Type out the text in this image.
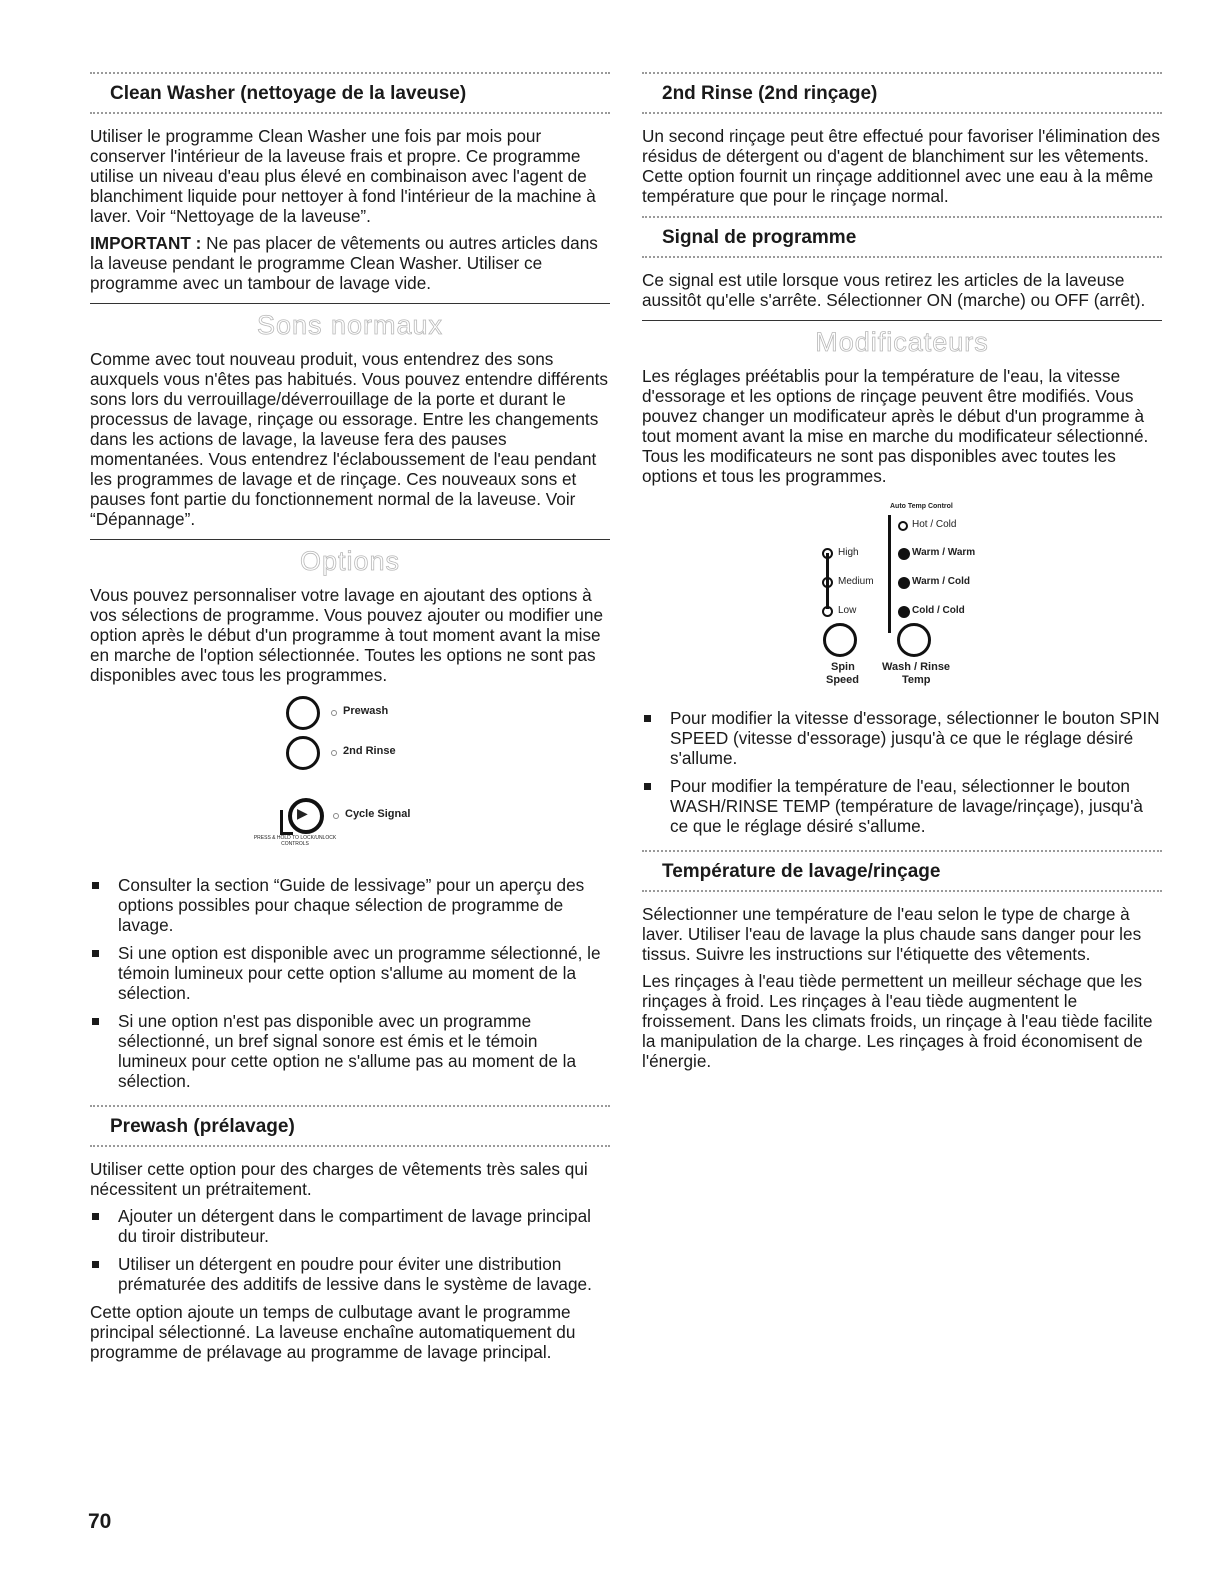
Clean Washer (nettoyage de la laveuse)

Utiliser le programme Clean Washer une fois par mois pour conserver l'intérieur de la laveuse frais et propre. Ce programme utilise un niveau d'eau plus élevé en combinaison avec l'agent de blanchiment liquide pour nettoyer à fond l'intérieur de la machine à laver. Voir “Nettoyage de la laveuse”.

IMPORTANT : Ne pas placer de vêtements ou autres articles dans la laveuse pendant le programme Clean Washer. Utiliser ce programme avec un tambour de lavage vide.

Sons normaux

Comme avec tout nouveau produit, vous entendrez des sons auxquels vous n'êtes pas habitués. Vous pouvez entendre différents sons lors du verrouillage/déverrouillage de la porte et durant le processus de lavage, rinçage ou essorage. Entre les changements dans les actions de lavage, la laveuse fera des pauses momentanées. Vous entendrez l'éclaboussement de l'eau pendant les programmes de lavage et de rinçage. Ces nouveaux sons et pauses font partie du fonctionnement normal de la laveuse. Voir “Dépannage”.

Options

Vous pouvez personnaliser votre lavage en ajoutant des options à vos sélections de programme. Vous pouvez ajouter ou modifier une option après le début d'un programme à tout moment avant la mise en marche de l'option sélectionnée. Toutes les options ne sont pas disponibles avec tous les programmes.

Prewash
2nd Rinse
▶	Cycle Signal
PRESS & HOLD TO LOCK/UNLOCK CONTROLS
Consulter la section “Guide de lessivage” pour un aperçu des options possibles pour chaque sélection de programme de lavage.
Si une option est disponible avec un programme sélectionné, le témoin lumineux pour cette option s'allume au moment de la sélection.
Si une option n'est pas disponible avec un programme sélectionné, un bref signal sonore est émis et le témoin lumineux pour cette option ne s'allume pas au moment de la sélection.
Prewash (prélavage)

Utiliser cette option pour des charges de vêtements très sales qui nécessitent un prétraitement.

Ajouter un détergent dans le compartiment de lavage principal du tiroir distributeur.
Utiliser un détergent en poudre pour éviter une distribution prématurée des additifs de lessive dans le système de lavage.

Cette option ajoute un temps de culbutage avant le programme principal sélectionné. La laveuse enchaîne automatiquement du programme de prélavage au programme de lavage principal.

2nd Rinse (2nd rinçage)

Un second rinçage peut être effectué pour favoriser l'élimination des résidus de détergent ou d'agent de blanchiment sur les vêtements. Cette option fournit un rinçage additionnel avec une eau à la même température que pour le rinçage normal.

Signal de programme

Ce signal est utile lorsque vous retirez les articles de la laveuse aussitôt qu'elle s'arrête. Sélectionner ON (marche) ou OFF (arrêt).

Modificateurs

Les réglages préétablis pour la température de l'eau, la vitesse d'essorage et les options de rinçage peuvent être modifiés. Vous pouvez changer un modificateur après le début d'un programme à tout moment avant la mise en marche du modificateur sélectionné. Tous les modificateurs ne sont pas disponibles avec toutes les options et tous les programmes.

Auto Temp Control
Hot / Cold
Warm / Warm
Warm / Cold
Cold / Cold
High
Medium
Low
Spin
Speed
Wash / Rinse
Temp
Pour modifier la vitesse d'essorage, sélectionner le bouton SPIN SPEED (vitesse d'essorage) jusqu'à ce que le réglage désiré s'allume.
Pour modifier la température de l'eau, sélectionner le bouton WASH/RINSE TEMP (température de lavage/rinçage), jusqu'à ce que le réglage désiré s'allume.
Température de lavage/rinçage

Sélectionner une température de l'eau selon le type de charge à laver. Utiliser l'eau de lavage la plus chaude sans danger pour les tissus. Suivre les instructions sur l'étiquette des vêtements.

Les rinçages à l'eau tiède permettent un meilleur séchage que les rinçages à froid. Les rinçages à l'eau tiède augmentent le froissement. Dans les climats froids, un rinçage à l'eau tiède facilite la manipulation de la charge. Les rinçages à froid économisent de l'énergie.

70
